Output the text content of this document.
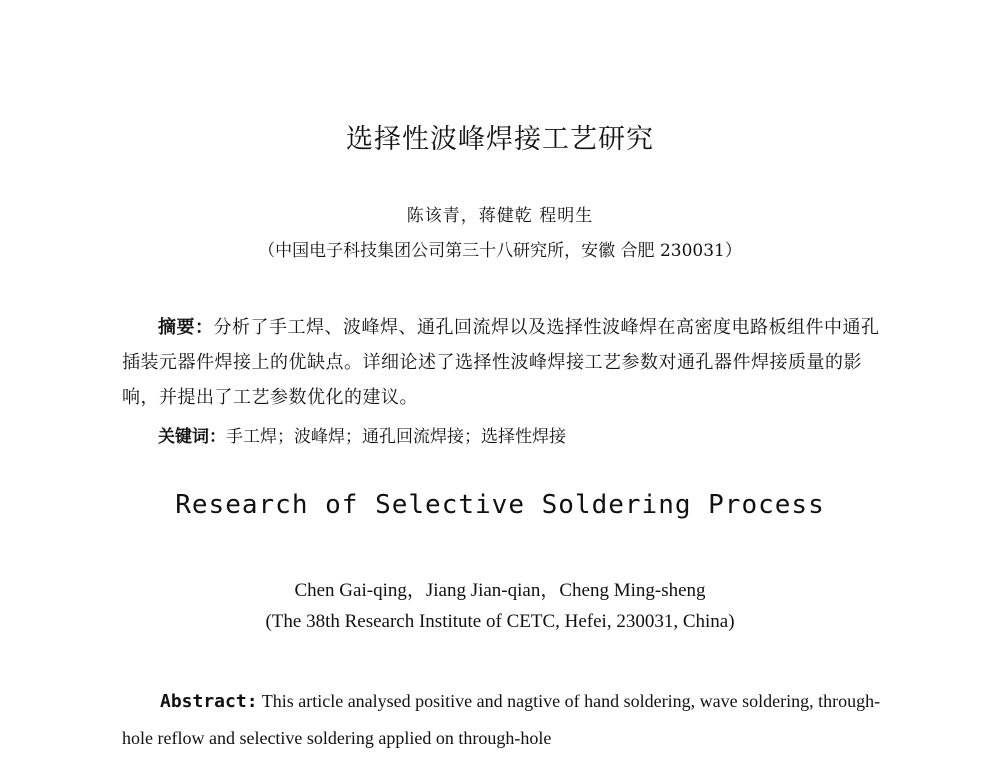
选择性波峰焊接工艺研究
陈该青，蒋健乾 程明生
（中国电子科技集团公司第三十八研究所，安徽 合肥 230031）
摘要：分析了手工焊、波峰焊、通孔回流焊以及选择性波峰焊在高密度电路板组件中通孔插装元器件焊接上的优缺点。详细论述了选择性波峰焊接工艺参数对通孔器件焊接质量的影响，并提出了工艺参数优化的建议。
关键词：手工焊；波峰焊；通孔回流焊接；选择性焊接
Research of Selective Soldering Process
Chen Gai-qing，Jiang Jian-qian，Cheng Ming-sheng
(The 38th Research Institute of CETC, Hefei, 230031, China)
Abstract: This article analysed positive and nagtive of hand soldering, wave soldering, through-hole reflow and selective soldering applied on through-hole
